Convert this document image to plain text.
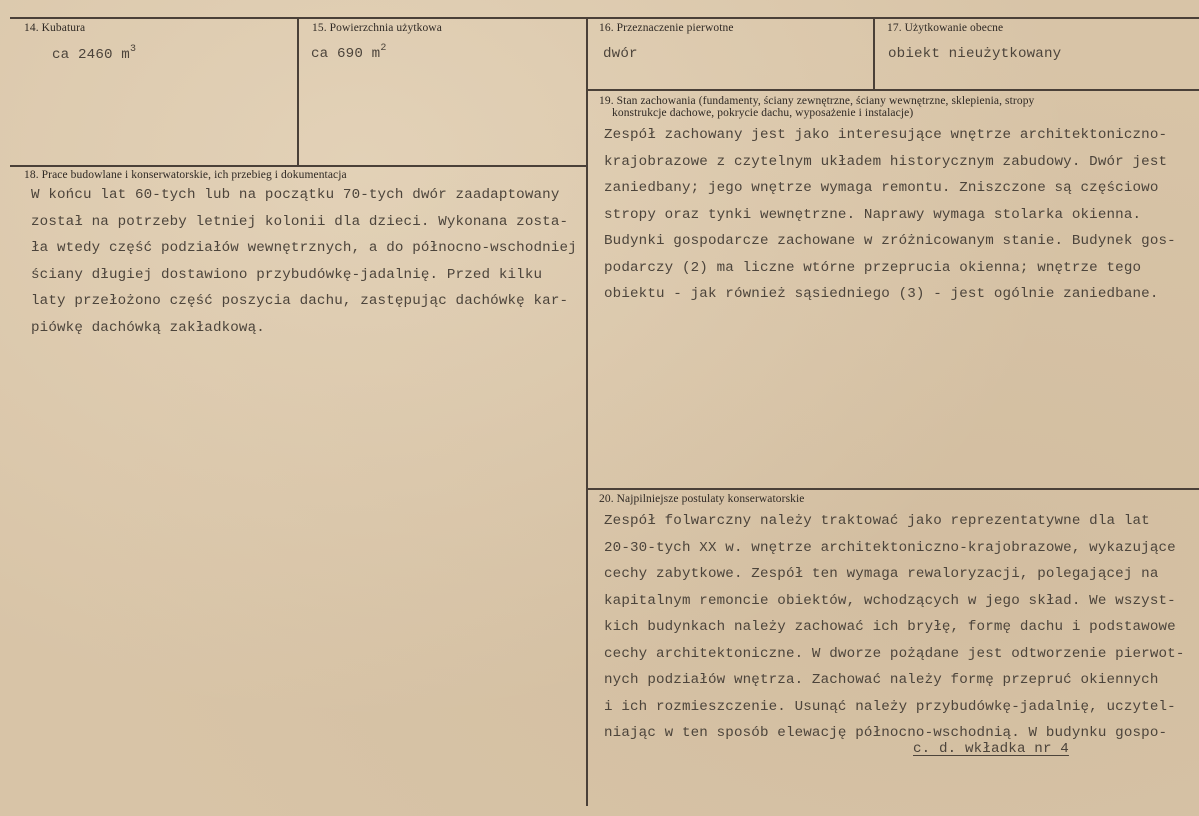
14. Kubatura
ca 2460 $m^3$
15. Powierzchnia użytkowa
ca 690 $m^2$
16. Przeznaczenie pierwotne
dwór
17. Użytkowanie obecne
obiekt nieużytkowany
19. Stan zachowania (fundamenty, ściany zewnętrzne, ściany wewnętrzne, sklepienia, stropy
konstrukcje dachowe, pokrycie dachu, wyposażenie i instalacje)
Zespół zachowany jest jako interesujące wnętrze architektoniczno-
krajobrazowe z czytelnym układem historycznym zabudowy. Dwór jest
zaniedbany; jego wnętrze wymaga remontu. Zniszczone są częściowo
stropy oraz tynki wewnętrzne. Naprawy wymaga stolarka okienna.
Budynki gospodarcze zachowane w zróżnicowanym stanie. Budynek gos-
podarczy (2) ma liczne wtórne przeprucia okienna; wnętrze tego
obiektu - jak również sąsiedniego (3) - jest ogólnie zaniedbane.
18. Prace budowlane i konserwatorskie, ich przebieg i dokumentacja
W końcu lat 60-tych lub na początku 70-tych dwór zaadaptowany
został na potrzeby letniej kolonii dla dzieci. Wykonana zosta-
ła wtedy część podziałów wewnętrznych, a do północno-wschodniej
ściany długiej dostawiono przybudówkę-jadalnię. Przed kilku
laty przełożono część poszycia dachu, zastępując dachówkę kar-
piówkę dachówką zakładkową.
20. Najpilniejsze postulaty konserwatorskie
Zespół folwarczny należy traktować jako reprezentatywne dla lat
20-30-tych XX w. wnętrze architektoniczno-krajobrazowe, wykazujące
cechy zabytkowe. Zespół ten wymaga rewaloryzacji, polegającej na
kapitalnym remoncie obiektów, wchodzących w jego skład. We wszyst-
kich budynkach należy zachować ich bryłę, formę dachu i podstawowe
cechy architektoniczne. W dworze pożądane jest odtworzenie pierwot-
nych podziałów wnętrza. Zachować należy formę przepruć okiennych
i ich rozmieszczenie. Usunąć należy przybudówkę-jadalnię, uczytel-
niając w ten sposób elewację północno-wschodnią. W budynku gospo-
c. d. wkładka nr 4
